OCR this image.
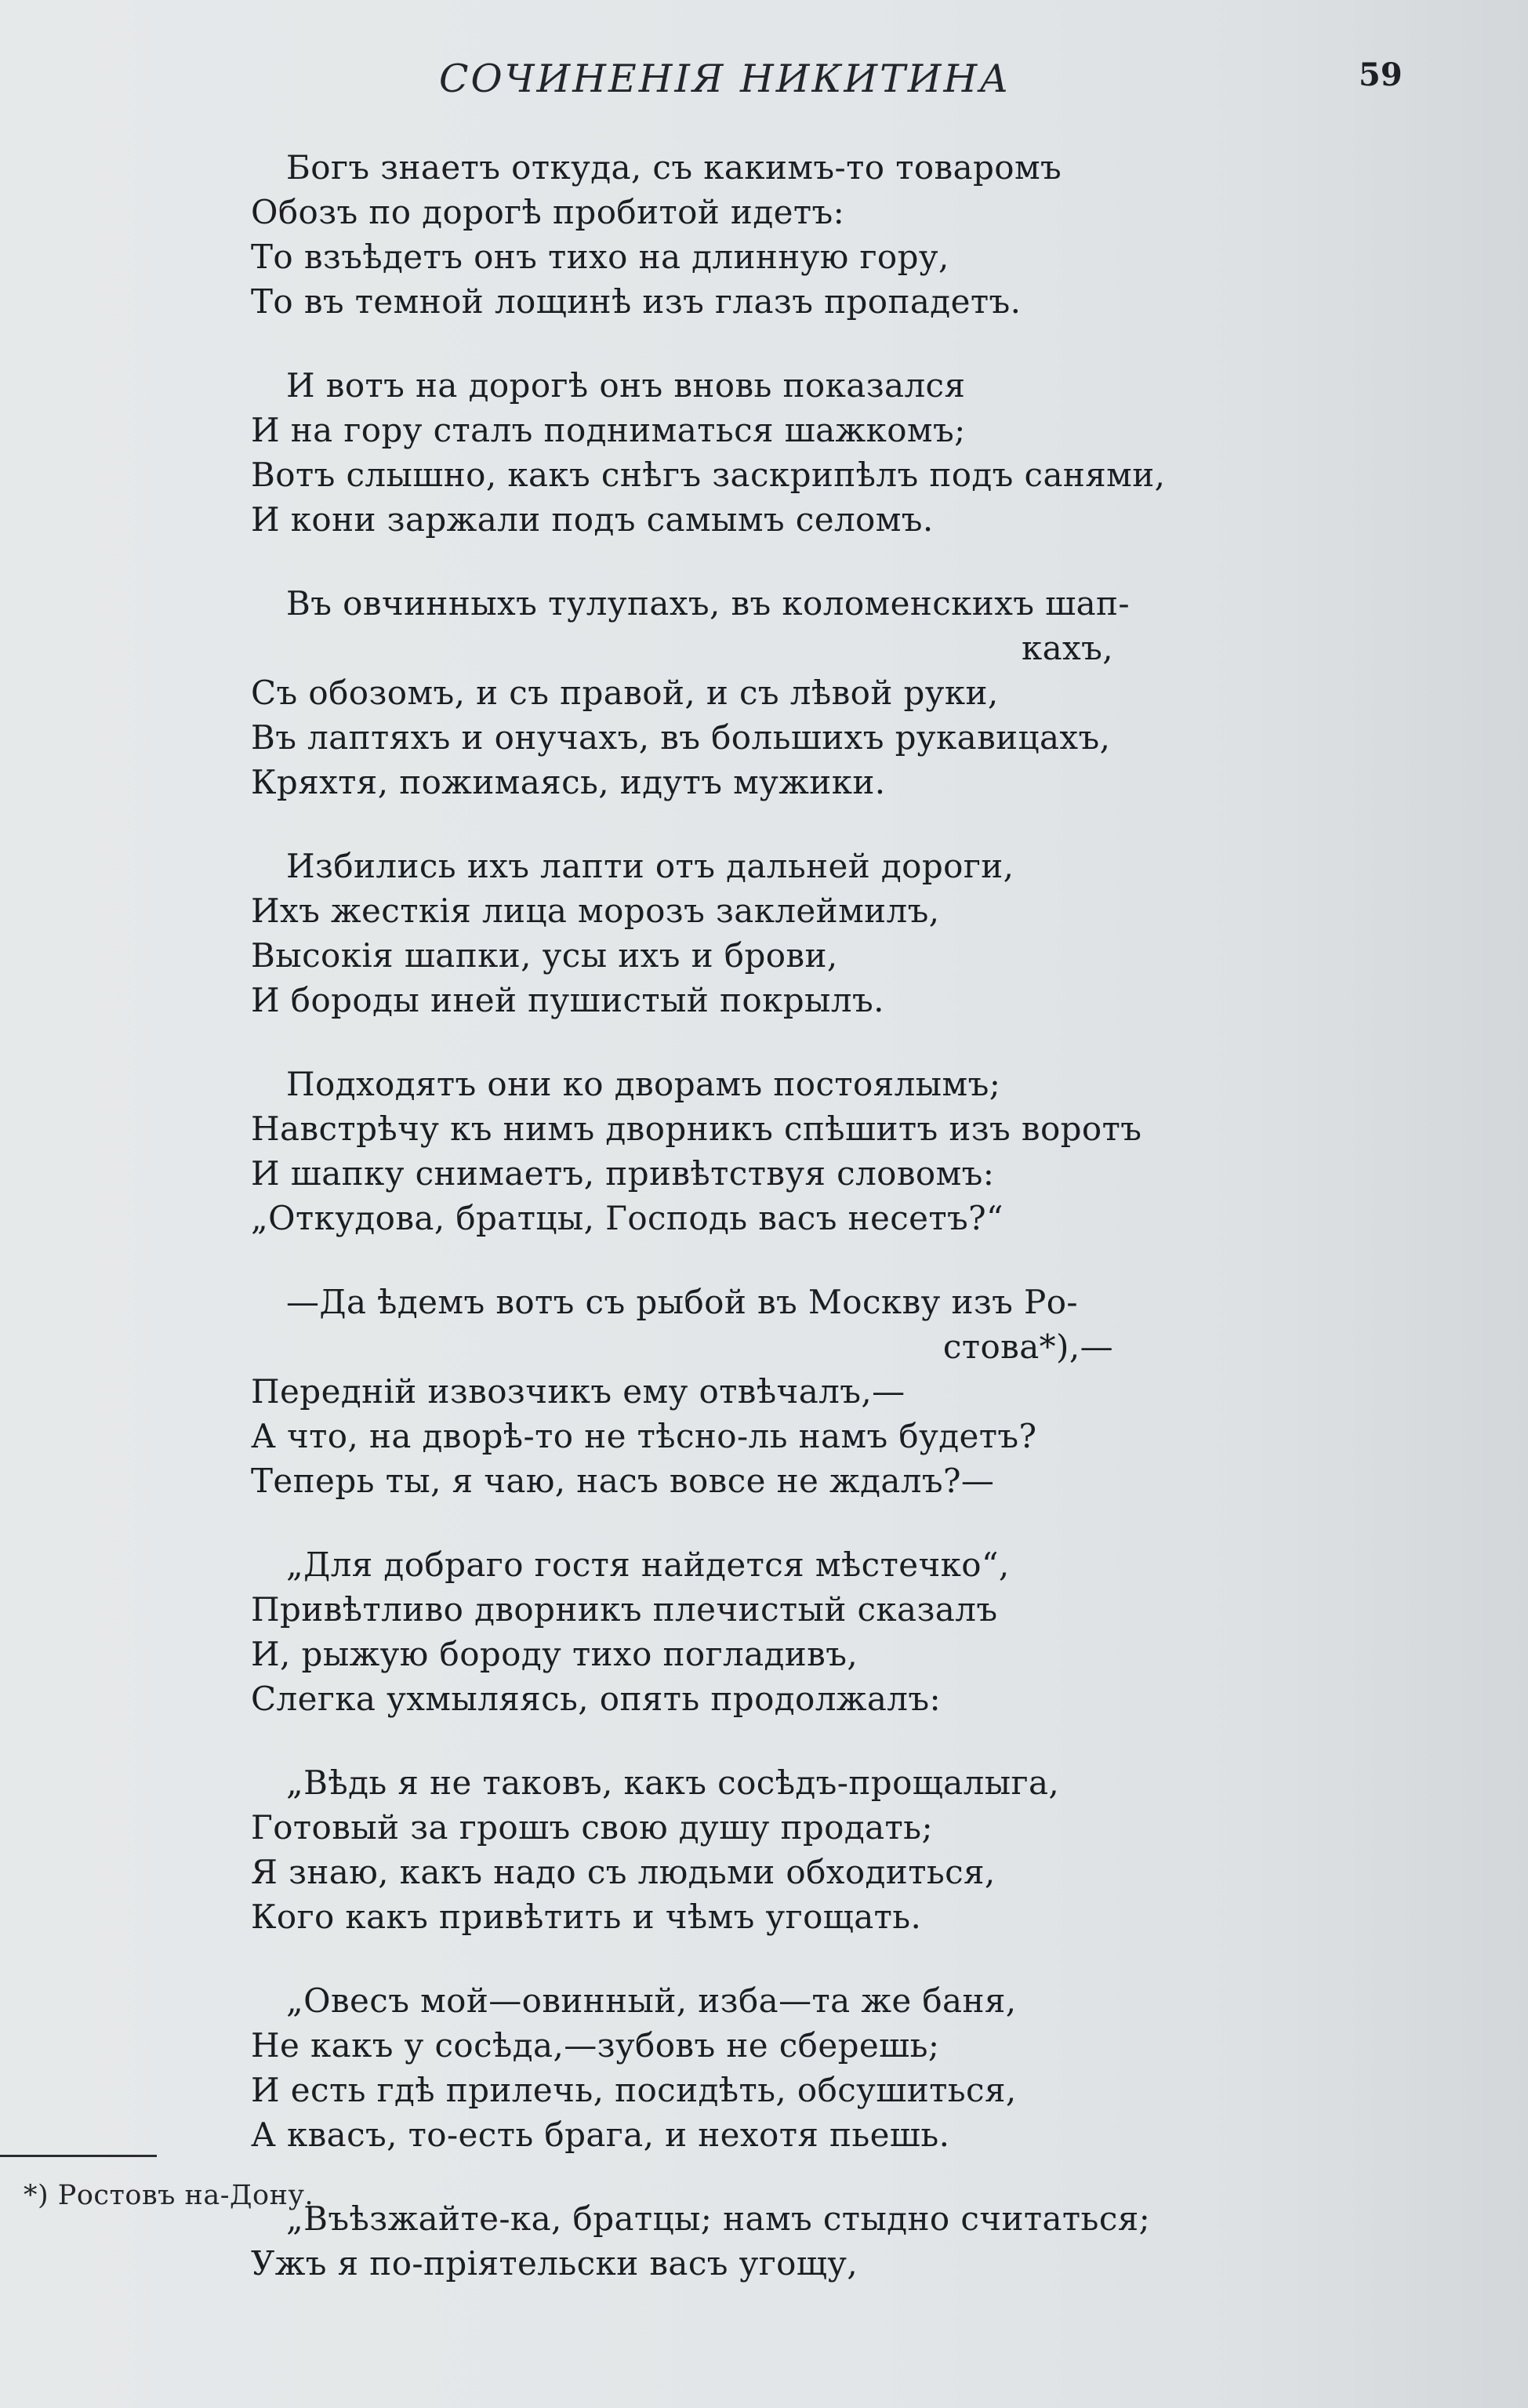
СОЧИНЕНІЯ НИКИТИНА	59
Богъ знаетъ откуда, съ какимъ-то товаромъ
Обозъ по дорогѣ пробитой идетъ:
То взъѣдетъ онъ тихо на длинную гору,
То въ темной лощинѣ изъ глазъ пропадетъ.
И вотъ на дорогѣ онъ вновь показался
И на гору сталъ подниматься шажкомъ;
Вотъ слышно, какъ снѣгъ заскрипѣлъ подъ санями,
И кони заржали подъ самымъ селомъ.
Въ овчинныхъ тулупахъ, въ коломенскихъ шап-
кахъ,
Съ обозомъ, и съ правой, и съ лѣвой руки,
Въ лаптяхъ и онучахъ, въ большихъ рукавицахъ,
Кряхтя, пожимаясь, идутъ мужики.
Избились ихъ лапти отъ дальней дороги,
Ихъ жесткія лица морозъ заклеймилъ,
Высокія шапки, усы ихъ и брови,
И бороды иней пушистый покрылъ.
Подходятъ они ко дворамъ постоялымъ;
Навстрѣчу къ нимъ дворникъ спѣшитъ изъ воротъ
И шапку снимаетъ, привѣтствуя словомъ:
„Откудова, братцы, Господь васъ несетъ?“
—Да ѣдемъ вотъ съ рыбой въ Москву изъ Ро-
стова*),—
Передній извозчикъ ему отвѣчалъ,—
А что, на дворѣ-то не тѣсно-ль намъ будетъ?
Теперь ты, я чаю, насъ вовсе не ждалъ?—
„Для добраго гостя найдется мѣстечко“,
Привѣтливо дворникъ плечистый сказалъ
И, рыжую бороду тихо погладивъ,
Слегка ухмыляясь, опять продолжалъ:
„Вѣдь я не таковъ, какъ сосѣдъ-прощалыга,
Готовый за грошъ свою душу продать;
Я знаю, какъ надо съ людьми обходиться,
Кого какъ привѣтить и чѣмъ угощать.
„Овесъ мой—овинный, изба—та же баня,
Не какъ у сосѣда,—зубовъ не сберешь;
И есть гдѣ прилечь, посидѣть, обсушиться,
А квасъ, то-есть брага, и нехотя пьешь.
„Въѣзжайте-ка, братцы; намъ стыдно считаться;
Ужъ я по-пріятельски васъ угощу,
*) Ростовъ на-Дону.
